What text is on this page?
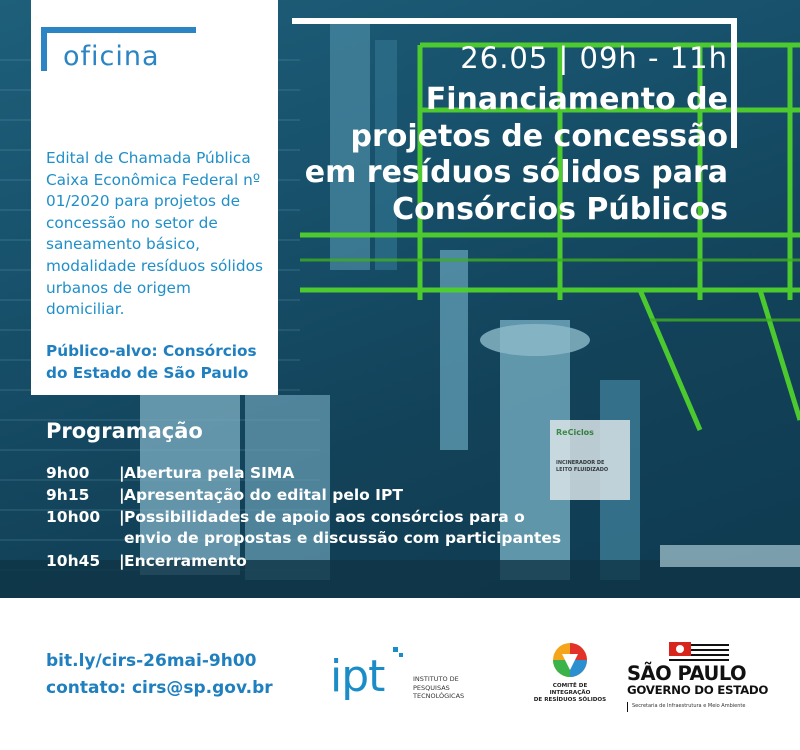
ReCiclos
INCINERADOR DE
LEITO FLUIDIZADO
oficina
Edital de Chamada Pública Caixa Econômica Federal nº 01/2020 para projetos de concessão no setor de saneamento básico, modalidade resíduos sólidos urbanos de origem domiciliar.
Público-alvo: Consórcios do Estado de São Paulo
26.05 | 09h - 11h
Financiamento de
projetos de concessão
em resíduos sólidos para
Consórcios Públicos
Programação
9h00	| Abertura pela SIMA
9h15	| Apresentação do edital pelo IPT
10h00	| Possibilidades de apoio aos consórcios para o
envio de propostas e discussão com participantes
10h45	| Encerramento
bit.ly/cirs-26mai-9h00
contato: cirs@sp.gov.br ipt	INSTITUTO DE
PESQUISAS
TECNOLÓGICAS
COMITÊ DE INTEGRAÇÃO
DE RESÍDUOS SÓLIDOS
SÃO PAULO
GOVERNO DO ESTADO
Secretaria de Infraestrutura e Meio Ambiente
